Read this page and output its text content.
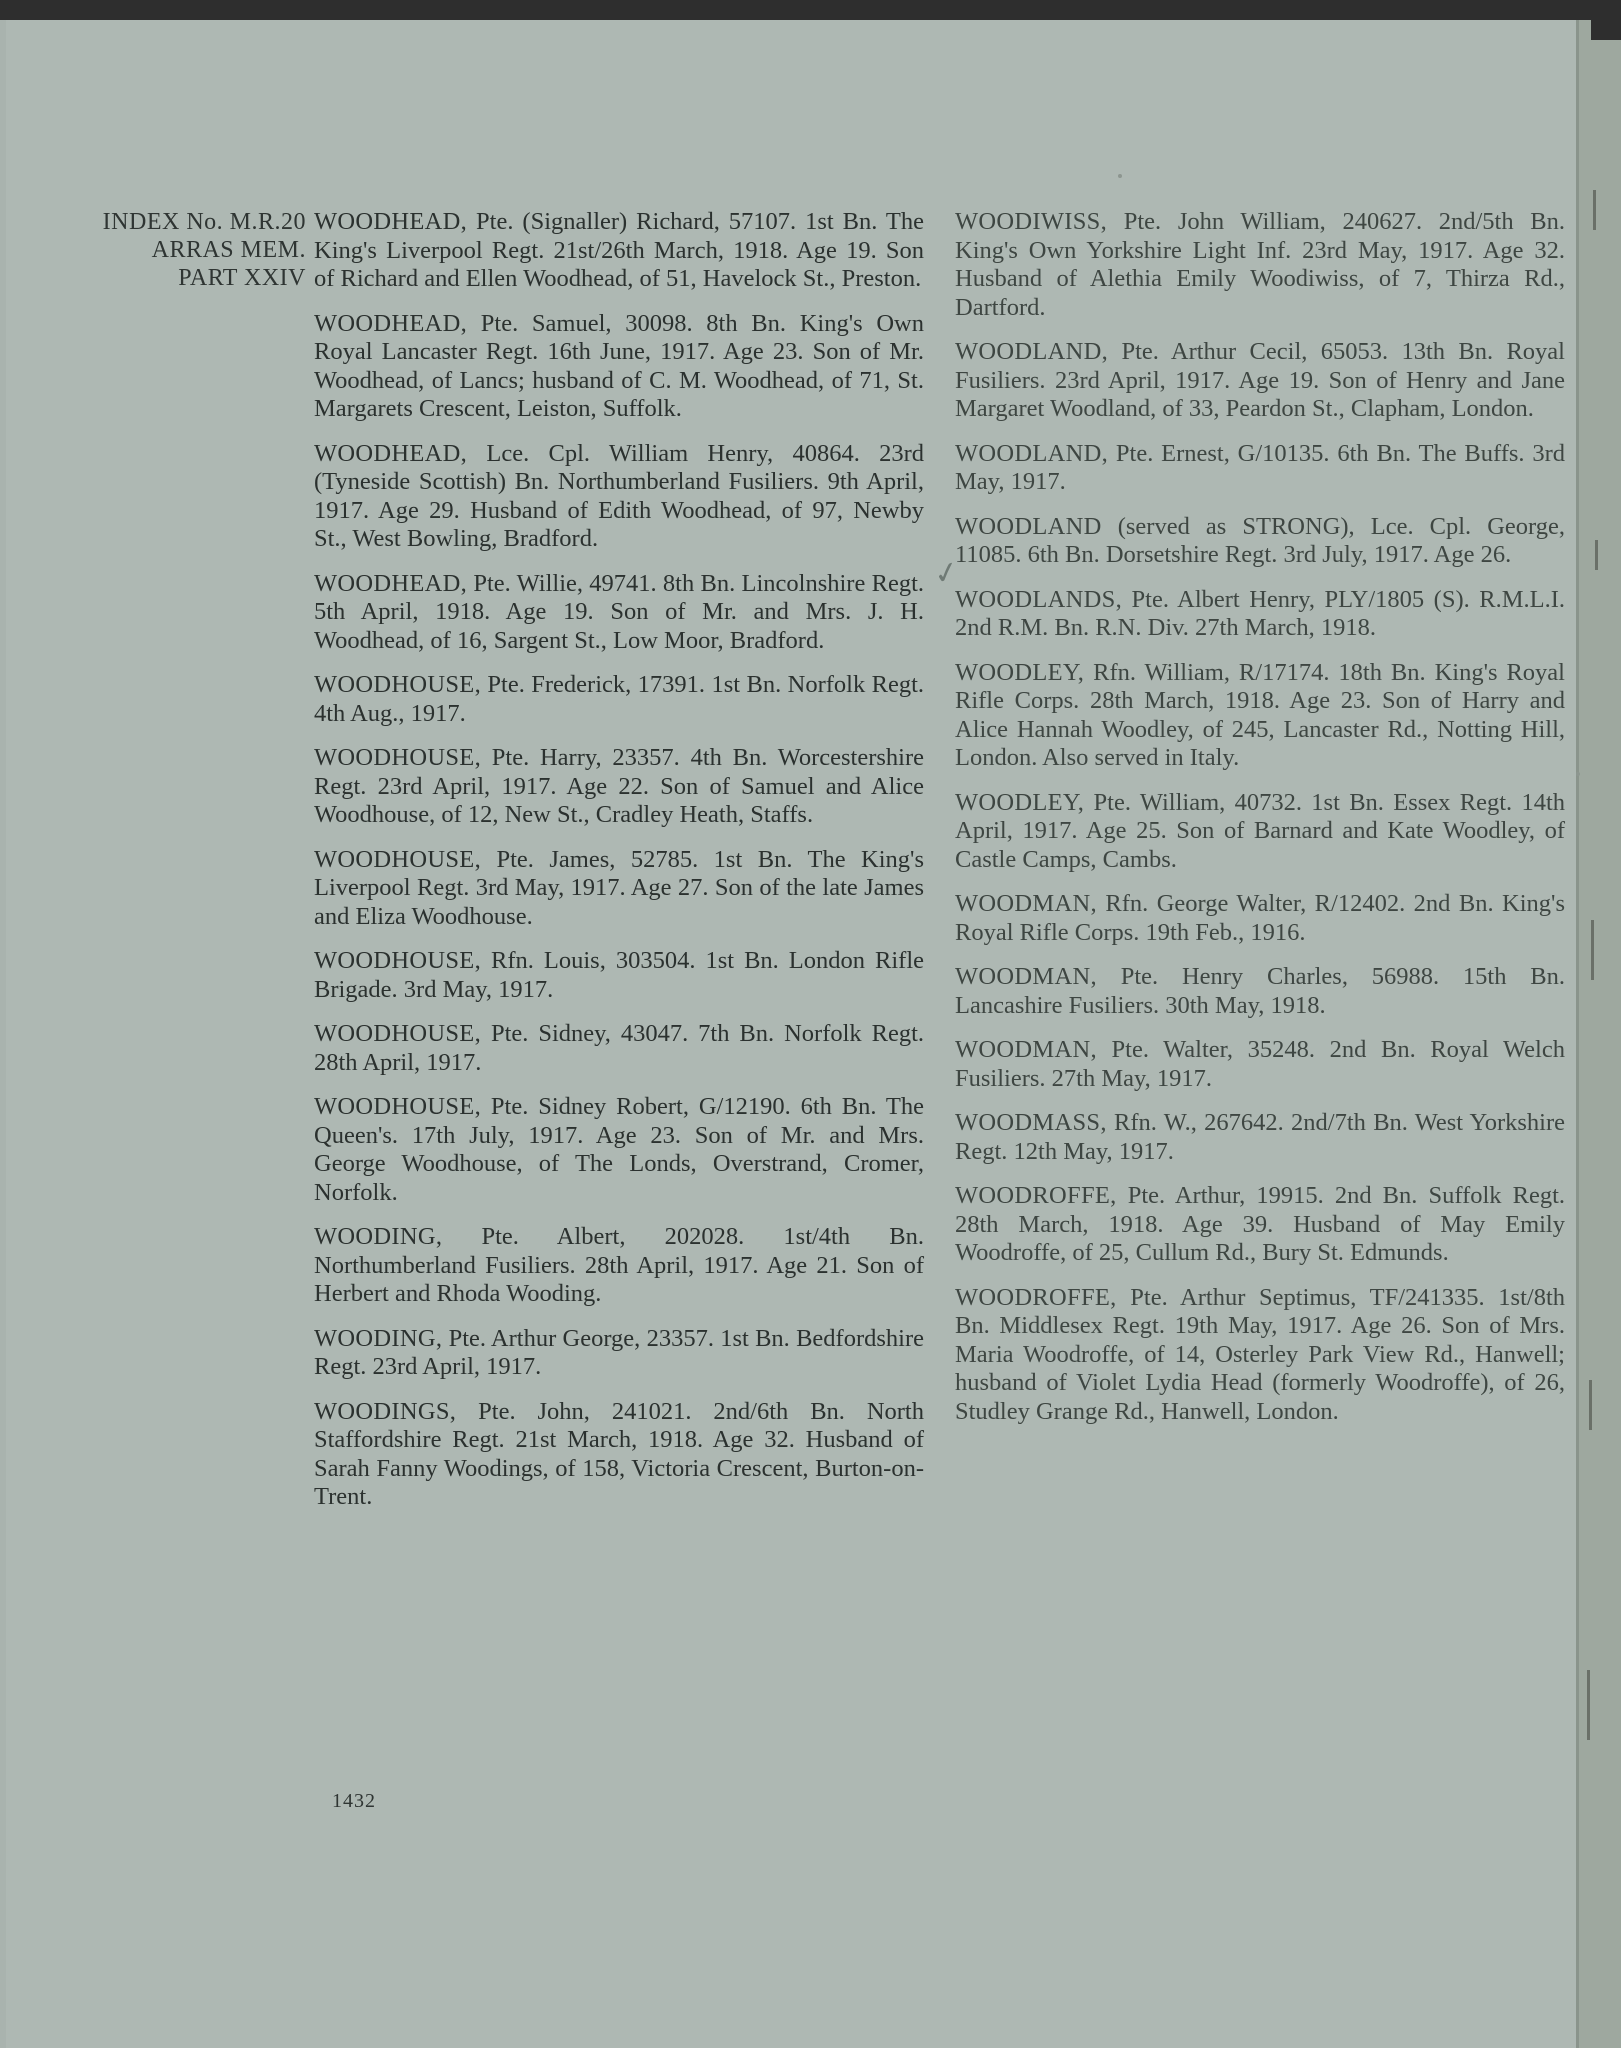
INDEX No. M.R.20
ARRAS MEM.
PART XXIV

WOODHEAD, Pte. (Signaller) Richard, 57107. 1st Bn. The King's Liverpool Regt. 21st/26th March, 1918. Age 19. Son of Richard and Ellen Woodhead, of 51, Havelock St., Preston.

WOODHEAD, Pte. Samuel, 30098. 8th Bn. King's Own Royal Lancaster Regt. 16th June, 1917. Age 23. Son of Mr. Woodhead, of Lancs; husband of C. M. Woodhead, of 71, St. Margarets Crescent, Leiston, Suffolk.

WOODHEAD, Lce. Cpl. William Henry, 40864. 23rd (Tyneside Scottish) Bn. Northumberland Fusiliers. 9th April, 1917. Age 29. Husband of Edith Woodhead, of 97, Newby St., West Bowling, Bradford.

WOODHEAD, Pte. Willie, 49741. 8th Bn. Lincolnshire Regt. 5th April, 1918. Age 19. Son of Mr. and Mrs. J. H. Woodhead, of 16, Sargent St., Low Moor, Bradford.

WOODHOUSE, Pte. Frederick, 17391. 1st Bn. Norfolk Regt. 4th Aug., 1917.

WOODHOUSE, Pte. Harry, 23357. 4th Bn. Worcestershire Regt. 23rd April, 1917. Age 22. Son of Samuel and Alice Woodhouse, of 12, New St., Cradley Heath, Staffs.

WOODHOUSE, Pte. James, 52785. 1st Bn. The King's Liverpool Regt. 3rd May, 1917. Age 27. Son of the late James and Eliza Woodhouse.

WOODHOUSE, Rfn. Louis, 303504. 1st Bn. London Rifle Brigade. 3rd May, 1917.

WOODHOUSE, Pte. Sidney, 43047. 7th Bn. Norfolk Regt. 28th April, 1917.

WOODHOUSE, Pte. Sidney Robert, G/12190. 6th Bn. The Queen's. 17th July, 1917. Age 23. Son of Mr. and Mrs. George Woodhouse, of The Londs, Overstrand, Cromer, Norfolk.

WOODING, Pte. Albert, 202028. 1st/4th Bn. Northumberland Fusiliers. 28th April, 1917. Age 21. Son of Herbert and Rhoda Wooding.

WOODING, Pte. Arthur George, 23357. 1st Bn. Bedfordshire Regt. 23rd April, 1917.

WOODINGS, Pte. John, 241021. 2nd/6th Bn. North Staffordshire Regt. 21st March, 1918. Age 32. Husband of Sarah Fanny Woodings, of 158, Victoria Crescent, Burton-on-Trent.

WOODIWISS, Pte. John William, 240627. 2nd/5th Bn. King's Own Yorkshire Light Inf. 23rd May, 1917. Age 32. Husband of Alethia Emily Woodiwiss, of 7, Thirza Rd., Dartford.

WOODLAND, Pte. Arthur Cecil, 65053. 13th Bn. Royal Fusiliers. 23rd April, 1917. Age 19. Son of Henry and Jane Margaret Woodland, of 33, Peardon St., Clapham, London.

WOODLAND, Pte. Ernest, G/10135. 6th Bn. The Buffs. 3rd May, 1917.

WOODLAND (served as STRONG), Lce. Cpl. George, 11085. 6th Bn. Dorsetshire Regt. 3rd July, 1917. Age 26.

WOODLANDS, Pte. Albert Henry, PLY/1805 (S). R.M.L.I. 2nd R.M. Bn. R.N. Div. 27th March, 1918.

WOODLEY, Rfn. William, R/17174. 18th Bn. King's Royal Rifle Corps. 28th March, 1918. Age 23. Son of Harry and Alice Hannah Woodley, of 245, Lancaster Rd., Notting Hill, London. Also served in Italy.

WOODLEY, Pte. William, 40732. 1st Bn. Essex Regt. 14th April, 1917. Age 25. Son of Barnard and Kate Woodley, of Castle Camps, Cambs.

WOODMAN, Rfn. George Walter, R/12402. 2nd Bn. King's Royal Rifle Corps. 19th Feb., 1916.

WOODMAN, Pte. Henry Charles, 56988. 15th Bn. Lancashire Fusiliers. 30th May, 1918.

WOODMAN, Pte. Walter, 35248. 2nd Bn. Royal Welch Fusiliers. 27th May, 1917.

WOODMASS, Rfn. W., 267642. 2nd/7th Bn. West Yorkshire Regt. 12th May, 1917.

WOODROFFE, Pte. Arthur, 19915. 2nd Bn. Suffolk Regt. 28th March, 1918. Age 39. Husband of May Emily Woodroffe, of 25, Cullum Rd., Bury St. Edmunds.

WOODROFFE, Pte. Arthur Septimus, TF/241335. 1st/8th Bn. Middlesex Regt. 19th May, 1917. Age 26. Son of Mrs. Maria Woodroffe, of 14, Osterley Park View Rd., Hanwell; husband of Violet Lydia Head (formerly Woodroffe), of 26, Studley Grange Rd., Hanwell, London.

✓
1432
